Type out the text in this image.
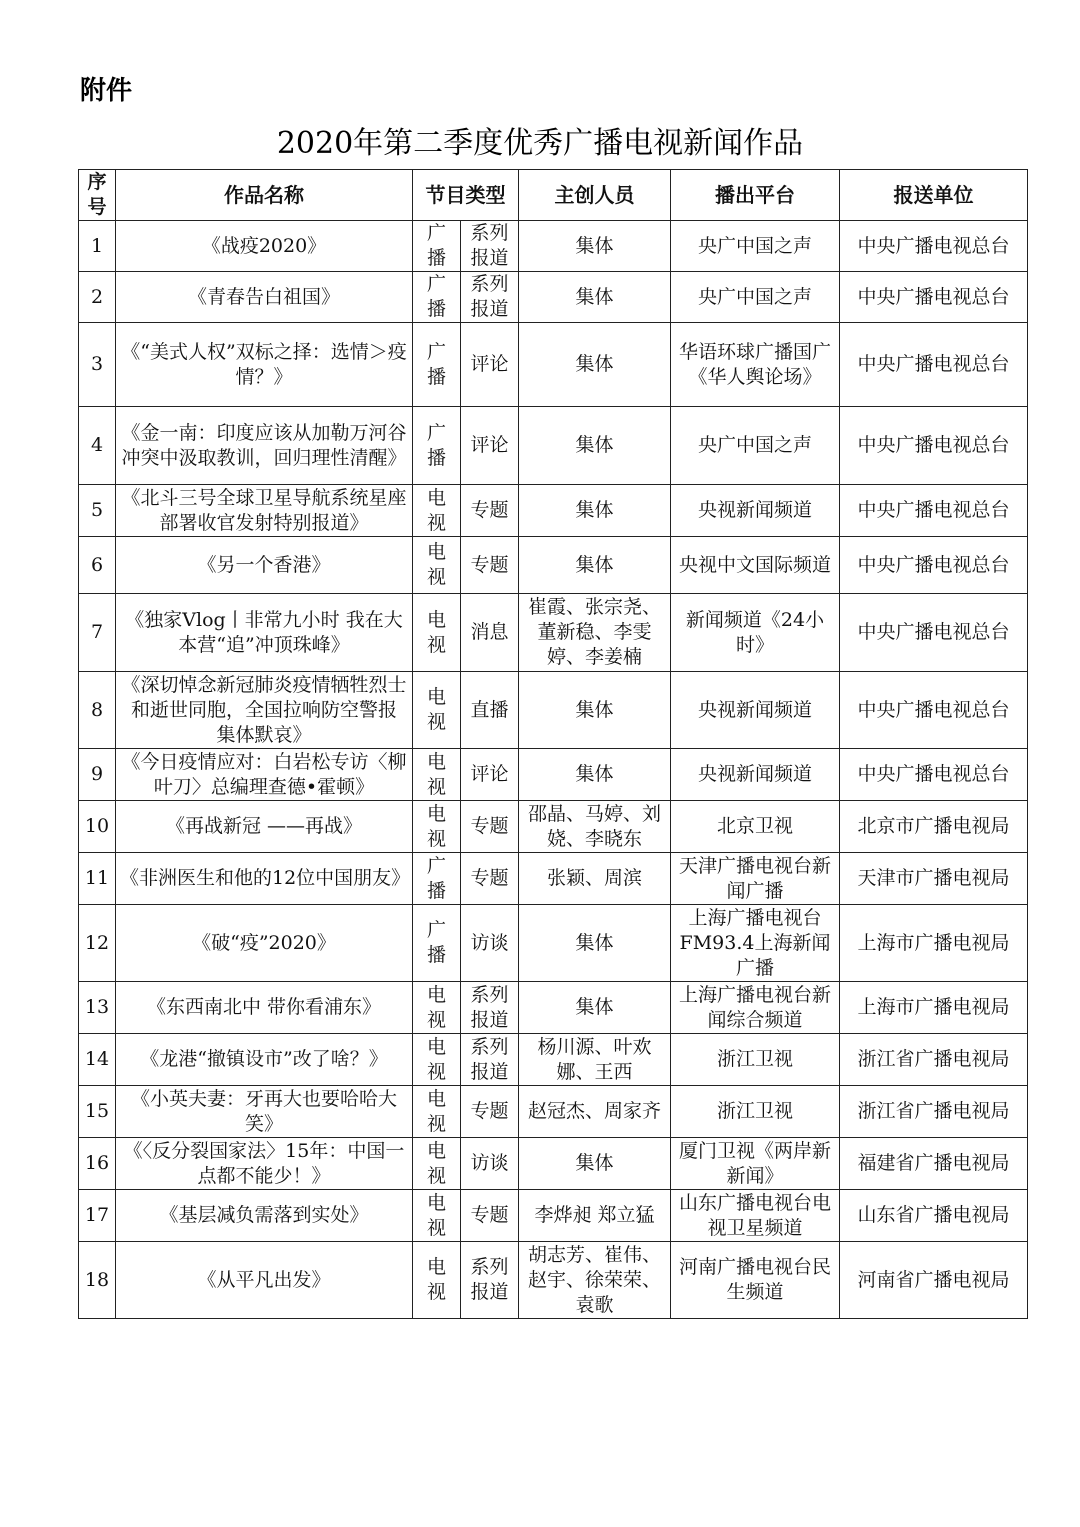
附件
2020年第二季度优秀广播电视新闻作品
序号	作品名称	节目类型		主创人员	播出平台	报送单位
1	《战疫2020》	广播	系列报道	集体	央广中国之声	中央广播电视总台
2	《青春告白祖国》	广播	系列报道	集体	央广中国之声	中央广播电视总台
3	《“美式人权”双标之择：选情＞疫情？》	广播	评论	集体	华语环球广播国广《华人舆论场》	中央广播电视总台
4	《金一南：印度应该从加勒万河谷冲突中汲取教训，回归理性清醒》	广播	评论	集体	央广中国之声	中央广播电视总台
5	《北斗三号全球卫星导航系统星座部署收官发射特别报道》	电视	专题	集体	央视新闻频道	中央广播电视总台
6	《另一个香港》	电视	专题	集体	央视中文国际频道	中央广播电视总台
7	《独家Vlog丨非常九小时 我在大本营“追”冲顶珠峰》	电视	消息	崔霞、张宗尧、董新稳、李雯婷、李姜楠	新闻频道《24小时》	中央广播电视总台
8	《深切悼念新冠肺炎疫情牺牲烈士和逝世同胞，全国拉响防空警报 集体默哀》	电视	直播	集体	央视新闻频道	中央广播电视总台
9	《今日疫情应对：白岩松专访〈柳叶刀〉总编理查德•霍顿》	电视	评论	集体	央视新闻频道	中央广播电视总台
10	《再战新冠 ——再战》	电视	专题	邵晶、马婷、刘娆、李晓东	北京卫视	北京市广播电视局
11	《非洲医生和他的12位中国朋友》	广播	专题	张颖、周滨	天津广播电视台新闻广播	天津市广播电视局
12	《破“疫”2020》	广播	访谈	集体	上海广播电视台FM93.4上海新闻广播	上海市广播电视局
13	《东西南北中 带你看浦东》	电视	系列报道	集体	上海广播电视台新闻综合频道	上海市广播电视局
14	《龙港“撤镇设市”改了啥？》	电视	系列报道	杨川源、叶欢娜、王西	浙江卫视	浙江省广播电视局
15	《小英夫妻：牙再大也要哈哈大笑》	电视	专题	赵冠杰、周家齐	浙江卫视	浙江省广播电视局
16	《〈反分裂国家法〉15年：中国一点都不能少！》	电视	访谈	集体	厦门卫视《两岸新新闻》	福建省广播电视局
17	《基层减负需落到实处》	电视	专题	李烨昶 郑立猛	山东广播电视台电视卫星频道	山东省广播电视局
18	《从平凡出发》	电视	系列报道	胡志芳、崔伟、赵宇、徐荣荣、袁歌	河南广播电视台民生频道	河南省广播电视局
